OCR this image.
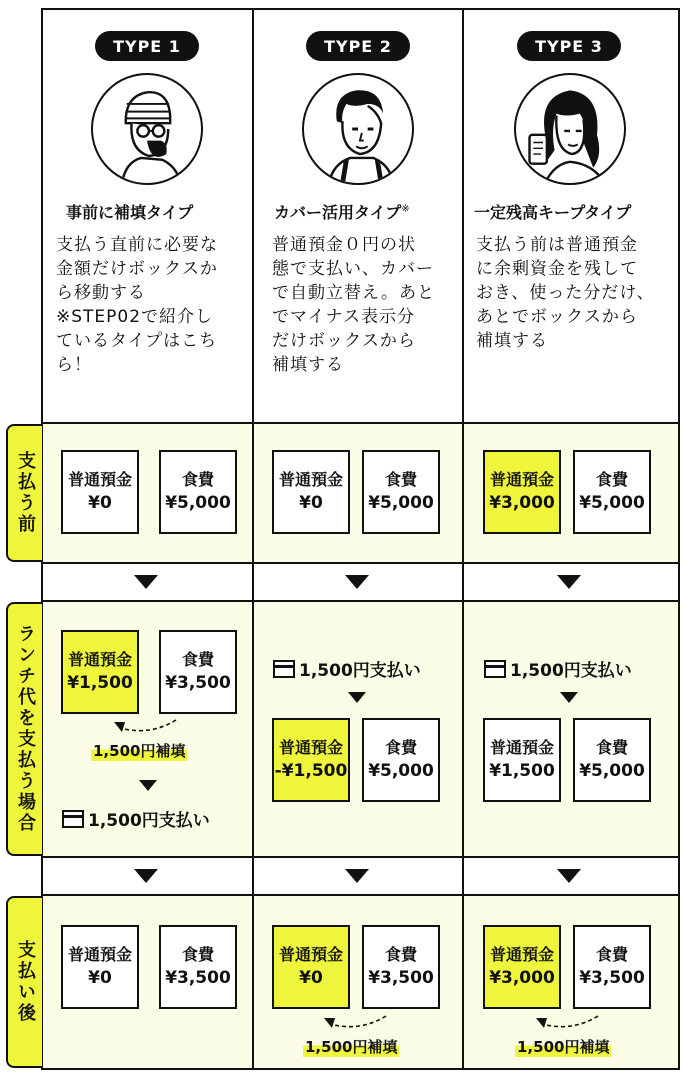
支払う前
ランチ代を支払う場合
支払い後
TYPE 1
事前に補填タイプ
支払う直前に必要な
金額だけボックスか
ら移動する
※STEP02で紹介し
ているタイプはこち
ら！
TYPE 2
カバー活用タイプ※
普通預金０円の状
態で支払い、カバー
で自動立替え。あと
でマイナス表示分
だけボックスから
補填する
TYPE 3
一定残高キープタイプ
支払う前は普通預金
に余剰資金を残して
おき、使った分だけ、
あとでボックスから
補填する
普通預金
¥0
食費
¥5,000
普通預金
¥0
食費
¥5,000
普通預金
¥3,000
食費
¥5,000
普通預金
¥1,500
食費
¥3,500
1,500円補填
1,500円支払い
1,500円支払い
普通預金
-¥1,500
食費
¥5,000
1,500円支払い
普通預金
¥1,500
食費
¥5,000
普通預金
¥0
食費
¥3,500
普通預金
¥0
食費
¥3,500
1,500円補填
普通預金
¥3,000
食費
¥3,500
1,500円補填
